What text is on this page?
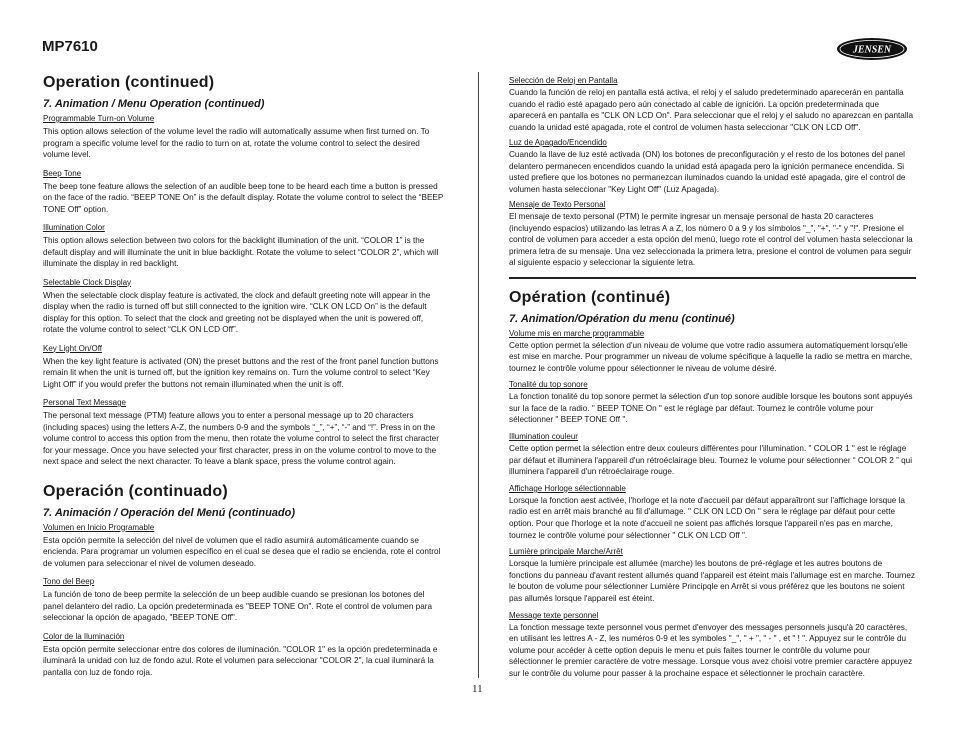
MP7610	JENSEN
Operation (continued)
7. Animation / Menu Operation (continued)
Programmable Turn-on Volume

This option allows selection of the volume level the radio will automatically assume when first turned on. To program a specific volume level for the radio to turn on at, rotate the volume control to select the desired volume level.

Beep Tone

The beep tone feature allows the selection of an audible beep tone to be heard each time a button is pressed on the face of the radio. “BEEP TONE On” is the default display. Rotate the volume control to select the “BEEP TONE Off” option.

Illumination Color

This option allows selection between two colors for the backlight illumination of the unit. “COLOR 1” is the default display and will illuminate the unit in blue backlight. Rotate the volume to select “COLOR 2”, which will illuminate the display in red backlight.

Selectable Clock Display

When the selectable clock display feature is activated, the clock and default greeting note will appear in the display when the radio is turned off but still connected to the ignition wire. “CLK ON LCD On” is the default display for this option. To select that the clock and greeting not be displayed when the unit is powered off, rotate the volume control to select “CLK ON LCD Off”.

Key Light On/Off

When the key light feature is activated (ON) the preset buttons and the rest of the front panel function buttons remain lit when the unit is turned off, but the ignition key remains on. Turn the volume control to select “Key Light Off” if you would prefer the buttons not remain illuminated when the unit is off.

Personal Text Message

The personal text message (PTM) feature allows you to enter a personal message up to 20 characters (including spaces) using the letters A-Z, the numbers 0-9 and the symbols “_”, “+”, “-” and “!”. Press in on the volume control to access this option from the menu, then rotate the volume control to select the first character for your message. Once you have selected your first character, press in on the volume control to move to the next space and select the next character. To leave a blank space, press the volume control again.

Operación (continuado)
7. Animación / Operación del Menú (continuado)
Volumen en Inicio Programable

Esta opción permite la selección del nivel de volumen que el radio asumirá automáticamente cuando se encienda. Para programar un volumen específico en el cual se desea que el radio se encienda, rote el control de volumen para seleccionar el nivel de volumen deseado.

Tono del Beep

La función de tono de beep permite la selección de un beep audible cuando se presionan los botones del panel delantero del radio. La opción predeterminada es "BEEP TONE On". Rote el control de volumen para seleccionar la opción de apagado, "BEEP TONE Off".

Color de la Iluminación

Esta opción permite seleccionar entre dos colores de iluminación. "COLOR 1" es la opción predeterminada e iluminará la unidad con luz de fondo azul. Rote el volumen para seleccionar "COLOR 2", la cual iluminará la pantalla con luz de fondo roja.

Selección de Reloj en Pantalla

Cuando la función de reloj en pantalla está activa, el reloj y el saludo predeterminado aparecerán en pantalla cuando el radio esté apagado pero aún conectado al cable de ignición. La opción predeterminada que aparecerá en pantalla es "CLK ON LCD On". Para seleccionar que el reloj y el saludo no aparezcan en pantalla cuando la unidad esté apagada, rote el control de volumen hasta seleccionar "CLK ON LCD Off".

Luz de Apagado/Encendido

Cuando la llave de luz esté activada (ON) los botones de preconfiguración y el resto de los botones del panel delantero permanecen encendidos cuando la unidad está apagada pero la ignición permanece encendida. Si usted prefiere que los botones no permanezcan iluminados cuando la unidad esté apagada, gire el control de volumen hasta seleccionar "Key Light Off" (Luz Apagada).

Mensaje de Texto Personal

El mensaje de texto personal (PTM) le permite ingresar un mensaje personal de hasta 20 caracteres (incluyendo espacios) utilizando las letras A a Z, los número 0 a 9 y los símbolos "_", "+", "-" y "!". Presione el control de volumen para acceder a esta opción del menú, luego rote el control del volumen hasta seleccionar la primera letra de su mensaje. Una vez seleccionada la primera letra, presione el control de volumen para seguir al siguiente espacio y seleccionar la siguiente letra.

Opération (continué)
7. Animation/Opération du menu (continué)
Volume mis en marche programmable

Cette option permet la sélection d'un niveau de volume que votre radio assumera automatiquement lorsqu'elle est mise en marche. Pour programmer un niveau de volume spécifique à laquelle la radio se mettra en marche, tournez le contrôle volume ppour sélectionner le niveau de volume désiré.

Tonalité du top sonore

La fonction tonalité du top sonore permet la sélection d'un top sonore audible lorsque les boutons sont appuyés sur la face de la radio. " BEEP TONE On " est le réglage par défaut. Tournez le contrôle volume pour sélectionner " BEEP TONE Off ".

Illumination couleur

Cette option permet la sélection entre deux couleurs différentes pour l'illumination. " COLOR 1 " est le réglage par défaut et illuminera l'appareil d'un rétroéclairage bleu. Tournez le volume pour sélectionner “ COLOR 2 ” qui illuminera l'appareil d'un rétroéclairage rouge.

Affichage Horloge sélectionnable

Lorsque la fonction aest activée, l'horloge et la note d'accueil par défaut apparaîtront sur l'affichage lorsque la radio est en arrêt mais branché au fil d'allumage. " CLK ON LCD On " sera le réglage par défaut pour cette option. Pour que l'horloge et la note d'accueil ne soient pas affichés lorsque l'appareil n'es pas en marche, tournez le contrôle volume pour sélectionner " CLK ON LCD Off ".

Lumière principale Marche/Arrêt

Lorsque la lumière principale est allumée (marche) les boutons de pré-réglage et les autres boutons de fonctions du panneau d'avant restent allumés quand l'appareil est éteint mais l'allumage est en marche. Tournez le bouton de volume pour sélectionner Lumière Principqle en Arrêt si vous préférez que les boutons ne soient pas allumés lorsque l'appareil est éteint.

Message texte personnel

La fonction message texte personnel vous permet d'envoyer des messages personnels jusqu'à 20 caractères, en utilisant les lettres A - Z, les numéros 0-9 et les symboles "_", " + ", " - " , et " ! ". Appuyez sur le contrôle du volume pour accéder à cette option depuis le menu et puis faites tourner le contrôle du volume pour sélectionner le premier caractère de votre message. Lorsque vous avez choisi votre premier caractère appuyez sur le contrôle du volume pour passer à la prochaine espace et sélectionner le prochain caractère.

11
